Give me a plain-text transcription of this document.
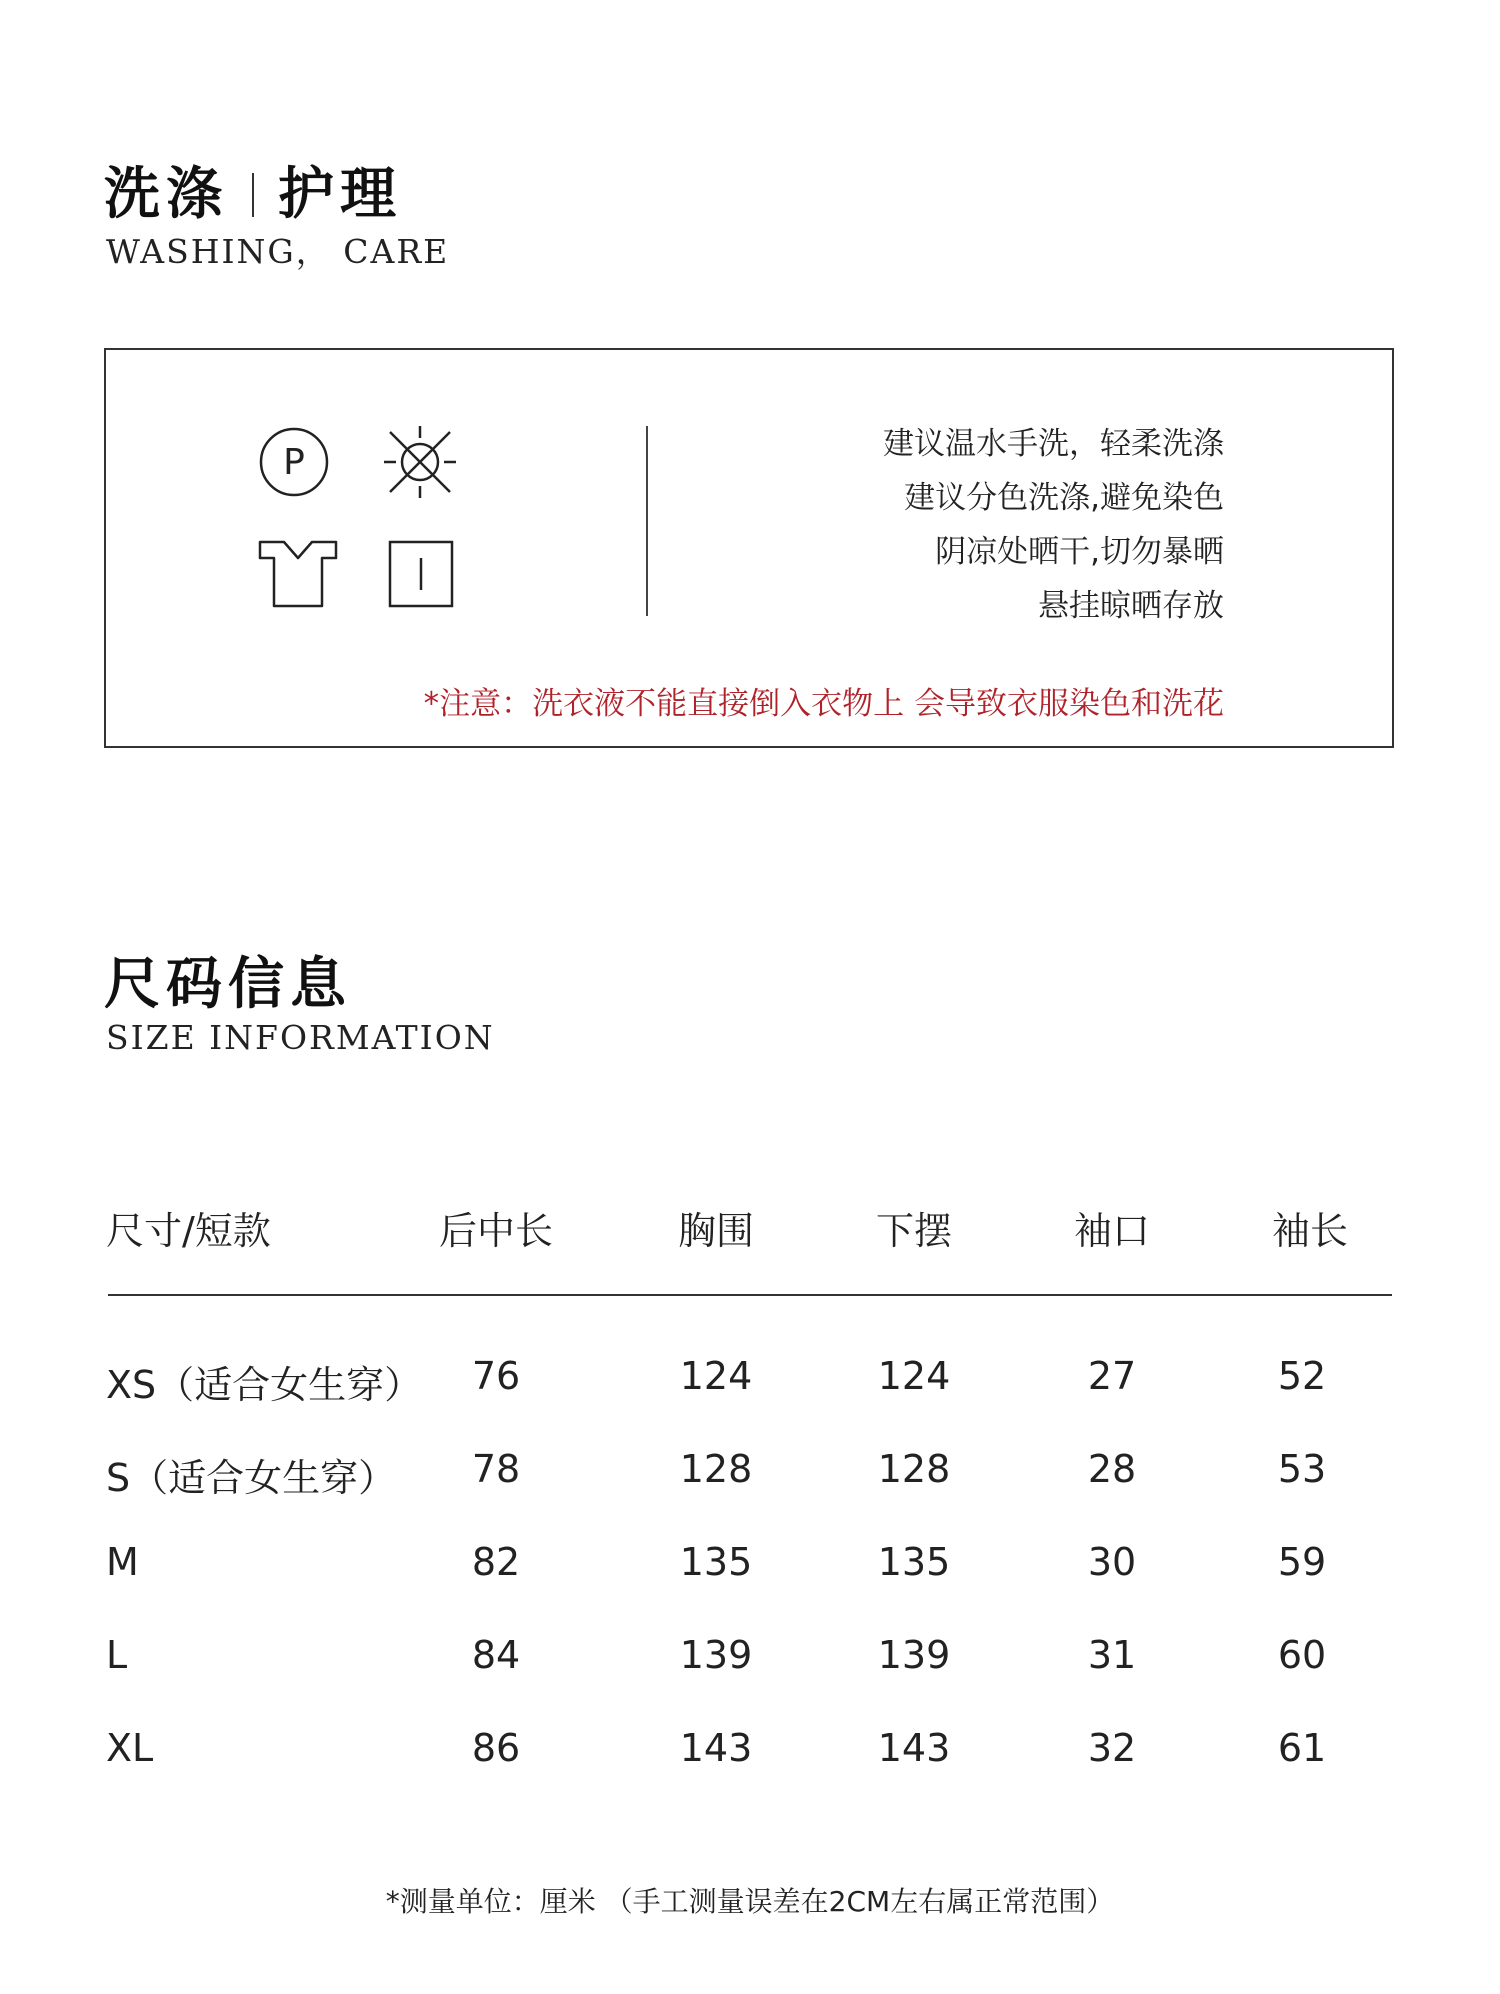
洗涤 护理
WASHING， CARE
P	建议温水手洗，轻柔洗涤
建议分色洗涤,避免染色
阴凉处晒干,切勿暴晒
悬挂晾晒存放
*注意：洗衣液不能直接倒入衣物上 会导致衣服染色和洗花
尺码信息
SIZE INFORMATION
尺寸/短款	后中长	胸围	下摆	袖口	袖长
XS（适合女生穿） 76	124	124	27	52
S（适合女生穿） 78	128	128	28	53
M	82	135	135	30	59
L	84	139	139	31	60
XL	86	143	143	32	61
*测量单位：厘米 （手工测量误差在2CM左右属正常范围）
